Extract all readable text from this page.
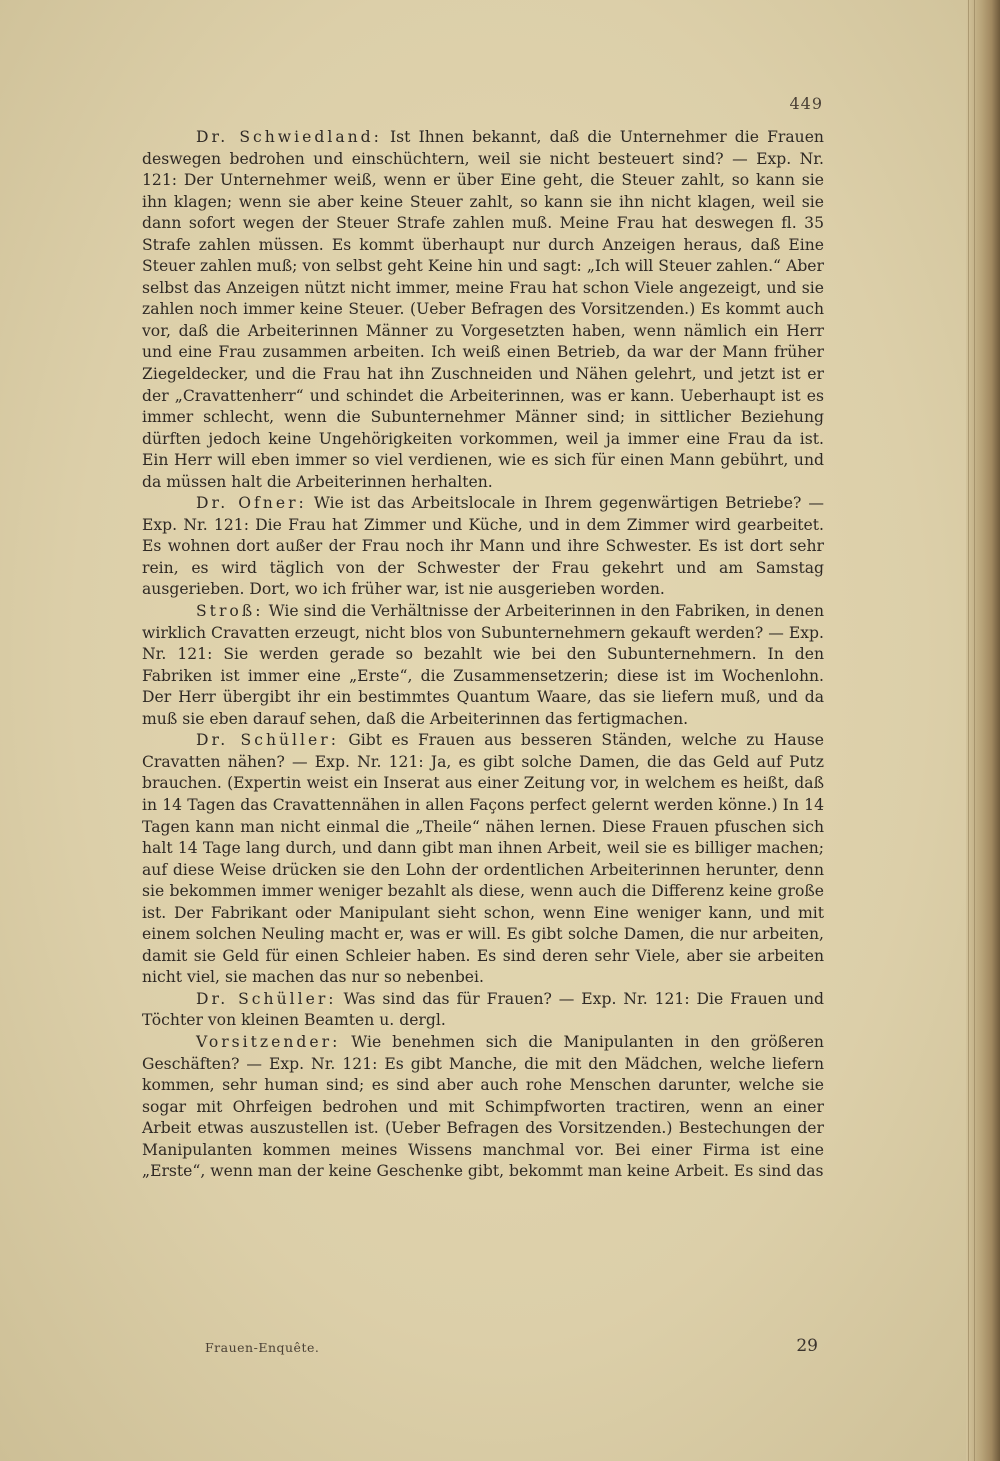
449

Dr. Schwiedland: Ist Ihnen bekannt, daß die Unternehmer die Frauen deswegen bedrohen und einschüchtern, weil sie nicht besteuert sind? — Exp. Nr. 121: Der Unternehmer weiß, wenn er über Eine geht, die Steuer zahlt, so kann sie ihn klagen; wenn sie aber keine Steuer zahlt, so kann sie ihn nicht klagen, weil sie dann sofort wegen der Steuer Strafe zahlen muß. Meine Frau hat deswegen fl. 35 Strafe zahlen müssen. Es kommt überhaupt nur durch Anzeigen heraus, daß Eine Steuer zahlen muß; von selbst geht Keine hin und sagt: „Ich will Steuer zahlen.“ Aber selbst das Anzeigen nützt nicht immer, meine Frau hat schon Viele angezeigt, und sie zahlen noch immer keine Steuer. (Ueber Befragen des Vorsitzenden.) Es kommt auch vor, daß die Arbeiterinnen Männer zu Vorgesetzten haben, wenn nämlich ein Herr und eine Frau zusammen arbeiten. Ich weiß einen Betrieb, da war der Mann früher Ziegeldecker, und die Frau hat ihn Zuschneiden und Nähen gelehrt, und jetzt ist er der „Cravattenherr“ und schindet die Arbeiterinnen, was er kann. Ueberhaupt ist es immer schlecht, wenn die Subunternehmer Männer sind; in sittlicher Beziehung dürften jedoch keine Ungehörigkeiten vorkommen, weil ja immer eine Frau da ist. Ein Herr will eben immer so viel verdienen, wie es sich für einen Mann gebührt, und da müssen halt die Arbeiterinnen herhalten.

Dr. Ofner: Wie ist das Arbeitslocale in Ihrem gegenwärtigen Betriebe? — Exp. Nr. 121: Die Frau hat Zimmer und Küche, und in dem Zimmer wird gearbeitet. Es wohnen dort außer der Frau noch ihr Mann und ihre Schwester. Es ist dort sehr rein, es wird täglich von der Schwester der Frau gekehrt und am Samstag ausgerieben. Dort, wo ich früher war, ist nie ausgerieben worden.

Stroß: Wie sind die Verhältnisse der Arbeiterinnen in den Fabriken, in denen wirklich Cravatten erzeugt, nicht blos von Subunternehmern gekauft werden? — Exp. Nr. 121: Sie werden gerade so bezahlt wie bei den Subunternehmern. In den Fabriken ist immer eine „Erste“, die Zusammensetzerin; diese ist im Wochenlohn. Der Herr übergibt ihr ein bestimmtes Quantum Waare, das sie liefern muß, und da muß sie eben darauf sehen, daß die Arbeiterinnen das fertigmachen.

Dr. Schüller: Gibt es Frauen aus besseren Ständen, welche zu Hause Cravatten nähen? — Exp. Nr. 121: Ja, es gibt solche Damen, die das Geld auf Putz brauchen. (Expertin weist ein Inserat aus einer Zeitung vor, in welchem es heißt, daß in 14 Tagen das Cravattennähen in allen Façons perfect gelernt werden könne.) In 14 Tagen kann man nicht einmal die „Theile“ nähen lernen. Diese Frauen pfuschen sich halt 14 Tage lang durch, und dann gibt man ihnen Arbeit, weil sie es billiger machen; auf diese Weise drücken sie den Lohn der ordentlichen Arbeiterinnen herunter, denn sie bekommen immer weniger bezahlt als diese, wenn auch die Differenz keine große ist. Der Fabrikant oder Manipulant sieht schon, wenn Eine weniger kann, und mit einem solchen Neuling macht er, was er will. Es gibt solche Damen, die nur arbeiten, damit sie Geld für einen Schleier haben. Es sind deren sehr Viele, aber sie arbeiten nicht viel, sie machen das nur so nebenbei.

Dr. Schüller: Was sind das für Frauen? — Exp. Nr. 121: Die Frauen und Töchter von kleinen Beamten u. dergl.

Vorsitzender: Wie benehmen sich die Manipulanten in den größeren Geschäften? — Exp. Nr. 121: Es gibt Manche, die mit den Mädchen, welche liefern kommen, sehr human sind; es sind aber auch rohe Menschen darunter, welche sie sogar mit Ohrfeigen bedrohen und mit Schimpfworten tractiren, wenn an einer Arbeit etwas auszustellen ist. (Ueber Befragen des Vorsitzenden.) Bestechungen der Manipulanten kommen meines Wissens manchmal vor. Bei einer Firma ist eine „Erste“, wenn man der keine Geschenke gibt, bekommt man keine Arbeit. Es sind das

Frauen-Enquête.	29
